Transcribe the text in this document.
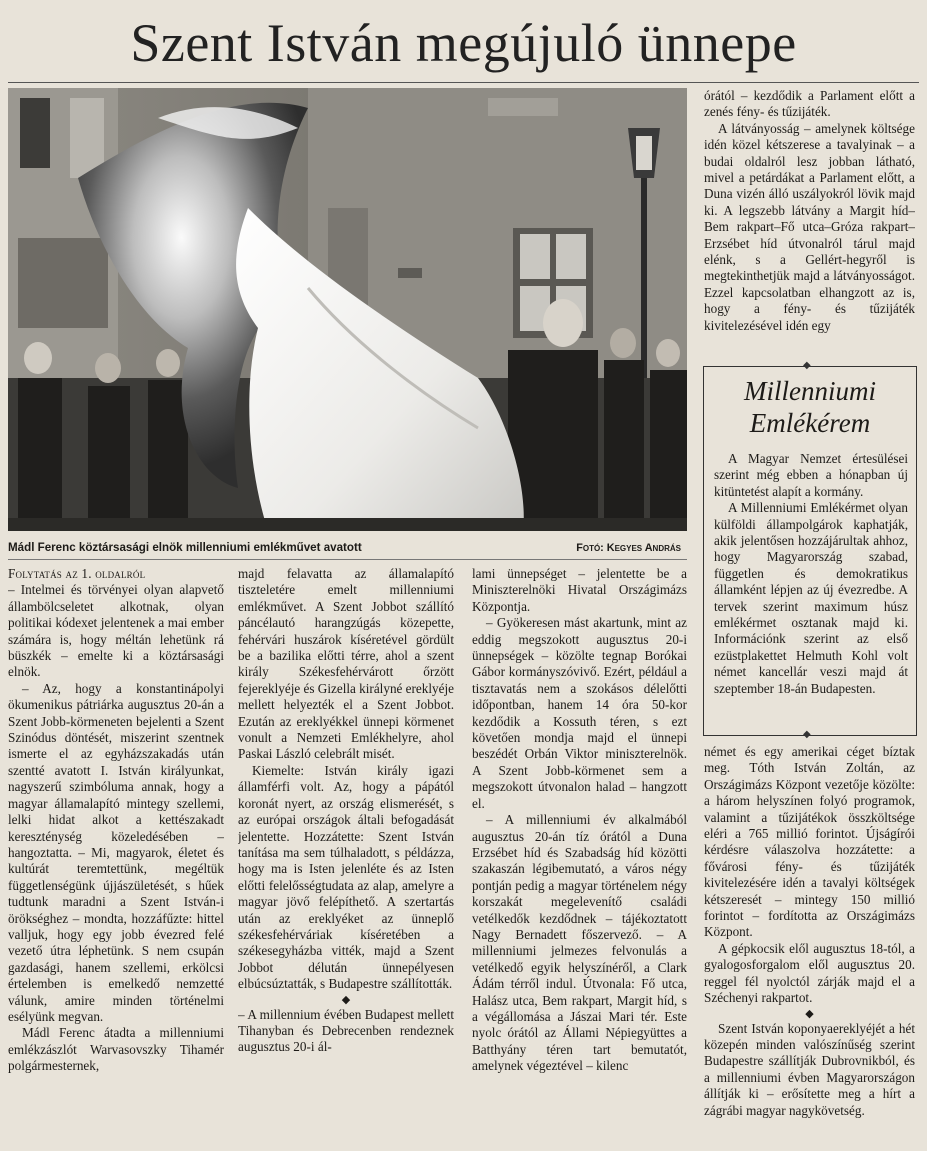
Szent István megújuló ünnepe
Mádl Ferenc köztársasági elnök millenniumi emlékművet avatott	Fotó: Kegyes András

Folytatás az 1. oldalról

– Intelmei és törvényei olyan alapvető állambölcseletet alkotnak, olyan politikai kódexet jelentenek a mai ember számára is, hogy méltán lehetünk rá büszkék – emelte ki a köztársasági elnök.

– Az, hogy a konstantinápolyi ökumenikus pátriárka augusztus 20-án a Szent Jobb-körmeneten bejelenti a Szent Szinódus döntését, miszerint szentnek ismerte el az egyházszakadás után szentté avatott I. István királyunkat, nagyszerű szimbóluma annak, hogy a magyar államalapító mintegy szellemi, lelki hidat alkot a kettészakadt kereszténység közeledésében – hangoztatta. – Mi, magyarok, életet és kultúrát teremtettünk, megéltük függetlenségünk újjászületését, s hűek tudtunk maradni a Szent István-i örökséghez – mondta, hozzáfűzte: hittel valljuk, hogy egy jobb évezred felé vezető útra léphetünk. S nem csupán gazdasági, hanem szellemi, erkölcsi értelemben is emelkedő nemzetté válunk, amire minden történelmi esélyünk megvan.

Mádl Ferenc átadta a millenniumi emlékzászlót Warvasovszky Tihamér polgármesternek,

majd felavatta az államalapító tiszteletére emelt millenniumi emlékművet. A Szent Jobbot szállító páncélautó harangzúgás közepette, fehérvári huszárok kíséretével gördült be a bazilika előtti térre, ahol a szent király Székesfehérvárott őrzött fejereklyéje és Gizella királyné ereklyéje mellett helyezték el a Szent Jobbot. Ezután az ereklyékkel ünnepi körmenet vonult a Nemzeti Emlékhelyre, ahol Paskai László celebrált misét.

Kiemelte: István király igazi államférfi volt. Az, hogy a pápától koronát nyert, az ország elismerését, s az európai országok általi befogadását jelentette. Hozzátette: Szent István tanítása ma sem túlhaladott, s példázza, hogy ma is Isten jelenléte és az Isten előtti felelősségtudata az alap, amelyre a magyar jövő felépíthető. A szertartás után az ereklyéket az ünneplő székesfehérváriak kíséretében a székesegyházba vitték, majd a Szent Jobbot délután ünnepélyesen elbúcsúztatták, s Budapestre szállították.

◆

– A millennium évében Budapest mellett Tihanyban és Debrecenben rendeznek augusztus 20-i ál-

lami ünnepséget – jelentette be a Miniszterelnöki Hivatal Országimázs Központja.

– Gyökeresen mást akartunk, mint az eddig megszokott augusztus 20-i ünnepségek – közölte tegnap Borókai Gábor kormányszóvivő. Ezért, például a tisztavatás nem a szokásos délelőtti időpontban, hanem 14 óra 50-kor kezdődik a Kossuth téren, s ezt követően mondja majd el ünnepi beszédét Orbán Viktor miniszterelnök. A Szent Jobb-körmenet sem a megszokott útvonalon halad – hangzott el.

– A millenniumi év alkalmából augusztus 20-án tíz órától a Duna Erzsébet híd és Szabadság híd közötti szakaszán légibemutató, a város négy pontján pedig a magyar történelem négy korszakát megelevenítő családi vetélkedők kezdődnek – tájékoztatott Nagy Bernadett főszervező. – A millenniumi jelmezes felvonulás a vetélkedő egyik helyszínéről, a Clark Ádám térről indul. Útvonala: Fő utca, Halász utca, Bem rakpart, Margit híd, s a végállomása a Jászai Mari tér. Este nyolc órától az Állami Népiegyüttes a Batthyány téren tart bemutatót, amelynek végeztével – kilenc

órától – kezdődik a Parlament előtt a zenés fény- és tűzijáték.

A látványosság – amelynek költsége idén közel kétszerese a tavalyinak – a budai oldalról lesz jobban látható, mivel a petárdákat a Parlament előtt, a Duna vizén álló uszályokról lövik majd ki. A legszebb látvány a Margit híd–Bem rakpart–Fő utca–Gróza rakpart–Erzsébet híd útvonalról tárul majd elénk, s a Gellért-hegyről is megtekinthetjük majd a látványosságot. Ezzel kapcsolatban elhangzott az is, hogy a fény- és tűzijáték kivitelezésével idén egy

Millenniumi
Emlékérem

A Magyar Nemzet értesülései szerint még ebben a hónapban új kitüntetést alapít a kormány.

A Millenniumi Emlékérmet olyan külföldi állampolgárok kaphatják, akik jelentősen hozzájárultak ahhoz, hogy Magyarország szabad, független és demokratikus államként lépjen az új évezredbe. A tervek szerint maximum húsz emlékérmet osztanak majd ki. Információnk szerint az első ezüstplakettet Helmuth Kohl volt német kancellár veszi majd át szeptember 18-án Budapesten.

◆
◆

német és egy amerikai céget bíztak meg. Tóth István Zoltán, az Országimázs Központ vezetője közölte: a három helyszínen folyó programok, valamint a tűzijátékok összköltsége eléri a 765 millió forintot. Újságírói kérdésre válaszolva hozzátette: a fővárosi fény- és tűzijáték kivitelezésére idén a tavalyi költségek kétszeresét – mintegy 150 millió forintot – fordította az Országimázs Központ.

A gépkocsik elől augusztus 18-tól, a gyalogosforgalom elől augusztus 20. reggel fél nyolctól zárják majd el a Széchenyi rakpartot.

◆

Szent István koponyaereklyéjét a hét közepén minden valószínűség szerint Budapestre szállítják Dubrovnikból, és a millenniumi évben Magyarországon állítják ki – erősítette meg a hírt a zágrábi magyar nagykövetség.
